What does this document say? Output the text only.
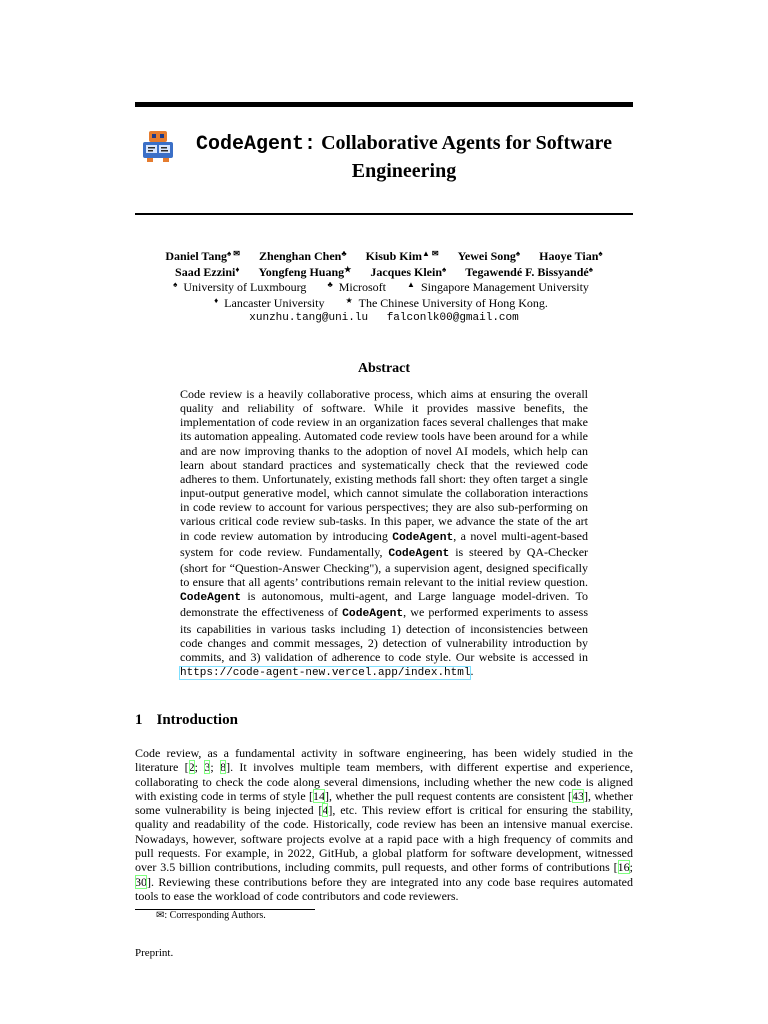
CodeAgent: Collaborative Agents for Software Engineering
Daniel Tang♠ ✉ Zhenghan Chen♣ Kisub Kim▲ ✉ Yewei Song♠ Haoye Tian♠
Saad Ezzini♦ Yongfeng Huang★ Jacques Klein♠ Tegawendé F. Bissyandé♠
♠ University of Luxmbourg	♣ Microsoft	▲ Singapore Management University
♦ Lancaster University	★ The Chinese University of Hong Kong.
xunzhu.tang@uni.lu falconlk00@gmail.com
Abstract
Code review is a heavily collaborative process, which aims at ensuring the overall quality and reliability of software. While it provides massive benefits, the implementation of code review in an organization faces several challenges that make its automation appealing. Automated code review tools have been around for a while and are now improving thanks to the adoption of novel AI models, which help can learn about standard practices and systematically check that the reviewed code adheres to them. Unfortunately, existing methods fall short: they often target a single input-output generative model, which cannot simulate the collaboration interactions in code review to account for various perspectives; they are also sub-performing on various critical code review sub-tasks. In this paper, we advance the state of the art in code review automation by introducing CodeAgent, a novel multi-agent-based system for code review. Fundamentally, CodeAgent is steered by QA-Checker (short for “Question-Answer Checking"), a supervision agent, designed specifically to ensure that all agents’ contributions remain relevant to the initial review question. CodeAgent is autonomous, multi-agent, and Large language model-driven. To demonstrate the effectiveness of CodeAgent, we performed experiments to assess its capabilities in various tasks including 1) detection of inconsistencies between code changes and commit messages, 2) detection of vulnerability introduction by commits, and 3) validation of adherence to code style. Our website is accessed in https://code-agent-new.vercel.app/index.html.
1 Introduction
Code review, as a fundamental activity in software engineering, has been widely studied in the literature [2; 3; 8]. It involves multiple team members, with different expertise and experience, collaborating to check the code along several dimensions, including whether the new code is aligned with existing code in terms of style [14], whether the pull request contents are consistent [43], whether some vulnerability is being injected [4], etc. This review effort is critical for ensuring the stability, quality and readability of the code. Historically, code review has been an intensive manual exercise. Nowadays, however, software projects evolve at a rapid pace with a high frequency of commits and pull requests. For example, in 2022, GitHub, a global platform for software development, witnessed over 3.5 billion contributions, including commits, pull requests, and other forms of contributions [16; 30]. Reviewing these contributions before they are integrated into any code base requires automated tools to ease the workload of code contributors and code reviewers.
✉: Corresponding Authors.
Preprint.
